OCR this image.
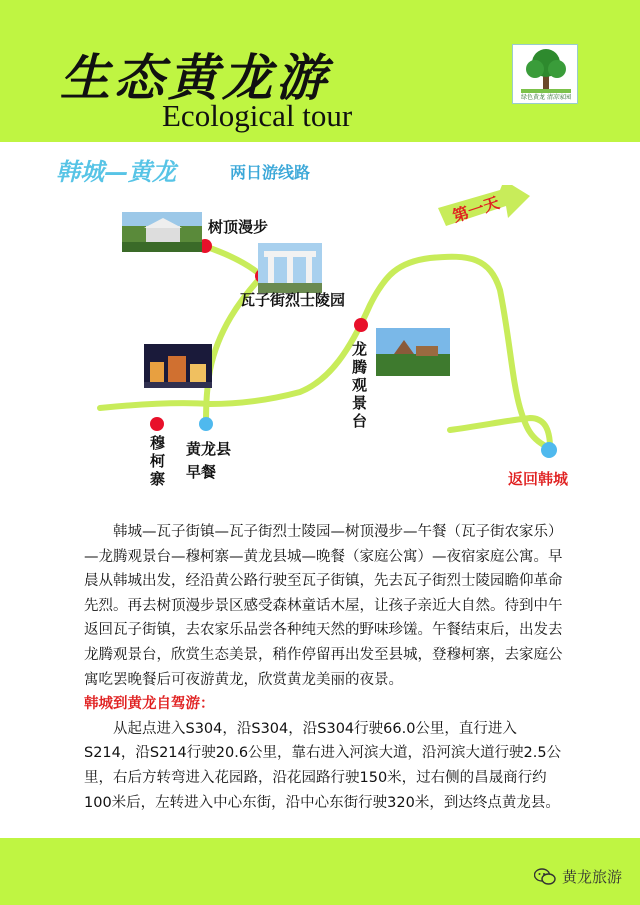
生态黄龙游
Ecological tour
绿色黄龙 清凉家园
韩城—黄龙	两日游线路
第一天
树顶漫步
瓦子街烈士陵园
龙腾观景台
穆柯寨
黄龙县
早餐	返回韩城

韩城—瓦子街镇—瓦子街烈士陵园—树顶漫步—午餐（瓦子街农家乐）—龙腾观景台—穆柯寨—黄龙县城—晚餐（家庭公寓）—夜宿家庭公寓。早晨从韩城出发，经沿黄公路行驶至瓦子街镇，先去瓦子街烈士陵园瞻仰革命先烈。再去树顶漫步景区感受森林童话木屋，让孩子亲近大自然。待到中午返回瓦子街镇，去农家乐品尝各种纯天然的野味珍馐。午餐结束后，出发去龙腾观景台，欣赏生态美景，稍作停留再出发至县城，登穆柯寨，去家庭公寓吃罢晚餐后可夜游黄龙，欣赏黄龙美丽的夜景。

韩城到黄龙自驾游：

从起点进入S304，沿S304，沿S304行驶66.0公里，直行进入S214，沿S214行驶20.6公里，靠右进入河滨大道，沿河滨大道行驶2.5公里，右后方转弯进入花园路，沿花园路行驶150米，过右侧的昌晟商行约100米后，左转进入中心东街，沿中心东街行驶320米，到达终点黄龙县。

黄龙旅游
